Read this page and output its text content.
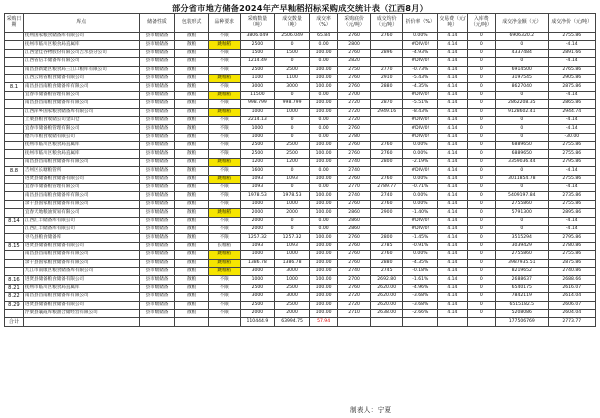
部分省市地方储备2024年产早籼稻招标采购成交统计表（江西8月）
采购日期	库点	储备性质	包装形式	品种要求	采购数量（吨）	成交数量（吨）	成交率（%）	采购底价（元/吨）	成交均价（元/吨）	折价率（%）	交易费（元/吨）	入库费（元/吨）	成交净金额（元）	成交净价（元/吨）
	抚州国家粮食储备库有限公司	县市级储备	散粮	不限	3806.049	2506.049	65.84	2760	2760	0.00%	4.14	0	6906320.2	2755.86
	抚州市临川区粮食局直属库	县市级储备	散粮	跳籼稻	2500	0	0.00	2800		#DIV/0!	4.14	0	0	-4.14
	江西金佳谷物股份有限公司吉水县分公司	县市级储备	散粮	不限	1500	1500	100.00	2760	2896	-4.93%	4.14	0	4337484	2891.66
	江西省信丰储备库有限公司	县市级储备	散粮	不限	1214.49	0	0.00	2820		#DIV/0!	4.14	0	0	-4.14
	南昌县新建区粮食局三江口粮库有限公司	县市级储备	散粮	不限	2500	2500	100.00	2750	2770	-0.73%	4.14	0	6914500	2765.86
	江西云铭省粮食储备有限公司	县市级储备	散粮	跳籼稻	1100	1100	100.00	2760	2910	-5.43%	4.14	0	3197545	2905.86
8.1	南昌县昌南粮食储备库有限公司	县市级储备	散粮	不限	3000	3000	100.00	2760	2880	-4.35%	4.14	0	8627040	2875.86
	宜春市储备粮管理有限公司	县市级储备	散粮	跳籼稻	11500	0	0.00	2700		#DIV/0!	4.14	0	0	-4.14
	南昌县昌南粮食储备库有限公司	县市级储备	散粮	不限	998.799	998.799	100.00	2720	2870	-5.51%	4.14	0	2862208.35	2865.86
	江西萍乡国家粮食储备库有限公司	县市级储备	散粮	跳籼稻	1000	1000	100.00	2720	2949.16	-8.43%	4.14	0	9128602.41	2944.74
	上栗县粮食收储公司金山仓	县市级储备	散粮	不限	2214.13	0	0.00	2720		#DIV/0!	4.14	0	0	-4.14
	宜春市储备粮管理有限公司	县市级储备	散粮	不限	1000	0	0.00	2760		#DIV/0!	4.14	0	0	-4.14
	德兴市粮食收储有限公司	县市级储备	散粮	不限	1000	0	0.00	2780		#DIV/0!	4.14	0	0	-30.00
	抚州市临川区粮食局直属库	县市级储备	散粮	不限	2500	2500	100.00	2760	2760	0.00%	4.14	0	6889650	2755.86
	抚州市临川区粮食局直属库	县市级储备	散粮	不限	2500	2500	100.00	2760	2760	0.00%	4.14	0	6889650	2755.86
	南昌县昌南粮食储备库有限公司	县市级储备	散粮	跳籼稻	1200	1200	100.00	2740	2800	-2.19%	4.14	0	3359036.44	2795.86
8.8	吉州区长塘粮管所	县市级储备	散粮	不限	1600	0	0.00	2740		#DIV/0!	4.14	0	0	-4.14
	进贤县储备粮食储备有限公司	县市级储备	散粮	跳籼稻	1093	1093	100.00	2760	2760	0.00%	4.14	0	3011854.78	2755.86
	宜春市储备粮管理有限公司	县市级储备	散粮	不限	1093	0	0.00	2770	2789.77	-0.71%	4.14	0	0	-4.14
	南昌县昌南粮食储备库有限公司	县市级储备	散粮	不限	1978.53	1978.53	100.00	2740	2740	0.00%	4.14	0	5409197.84	2735.86
	余干县国家粮食储备库有限公司	县市级储备	散粮	不限	1000	1000	100.00	2760	2760	0.00%	4.14	0	2755860	2755.86
	宜春天地粮油贸易有限公司	县市级储备	散粮	跳籼稻	2000	2000	100.00	2860	2900	-1.40%	4.14	0	5791300	2895.86
8.14	江西汇丰储备库有限公司	县市级储备	散粮	不限	2000	0	0.00	2860		#DIV/0!	4.14	0	0	-4.14
	江西汇丰储备库有限公司	县市级储备	散粮	不限	2000	0	0.00	2860		#DIV/0!	4.14	0	0	-4.14
	寻乌县粮食储备库	县市级储备	散粮	不限	1257.32	1257.32	100.00	2760	2800	-1.45%	4.14	0	3515294	2795.86
8.15	进贤县储备粮食储备有限公司	县市级储备	散粮	长籼稻	1093	1093	100.00	2760	2785	-0.91%	4.14	0	3039429	2780.86
	南昌县昌南粮食储备库有限公司	县市级储备	散粮	跳籼稻	1000	1000	100.00	2760	2760	0.00%	4.14	0	2755860	2755.86
	余干县国家粮食储备库有限公司	县市级储备	散粮	跳籼稻	1386.78	1386.78	100.00	2760	2880	-4.35%	4.14	0	3987935.51	2875.86
	九江市南康区粮食储备库有限公司	县市级储备	散粮	跳籼稻	3000	3000	100.00	2740	2745	-0.18%	4.14	0	8219652	2740.86
8.16	进贤县储备粮食储备有限公司	县市级储备	散粮	不限	1000	1000	100.00	2700	2692.80	-1.61%	4.14	0	2688637	2688.66
8.21	抚州市临川区粮食局直属库	县市级储备	散粮	不限	2500	2500	100.00	2760	2620.00	-4.96%	4.14	0	6540175	2616.07
8.22	南昌县昌南粮食储备库有限公司	县市级储备	散粮	不限	3000	3000	100.00	2720	2620.00	-3.68%	4.14	0	7842119	2614.04
8.29	进贤县储备粮食储备有限公司	县市级储备	散粮	不限	2500	2500	100.00	2720	2620.00	-3.68%	4.14	0	6515182.5	2606.07
	浮梁县襄霞库粮油合储经营有限公司	县市级储备	散粮	不限	2000	2000	100.00	2710	2638.00	-2.66%	4.14	0	5208086	2604.04
合计					110444.9	63994.75	57.94						177506769	2773.77
制表人：宁夏
